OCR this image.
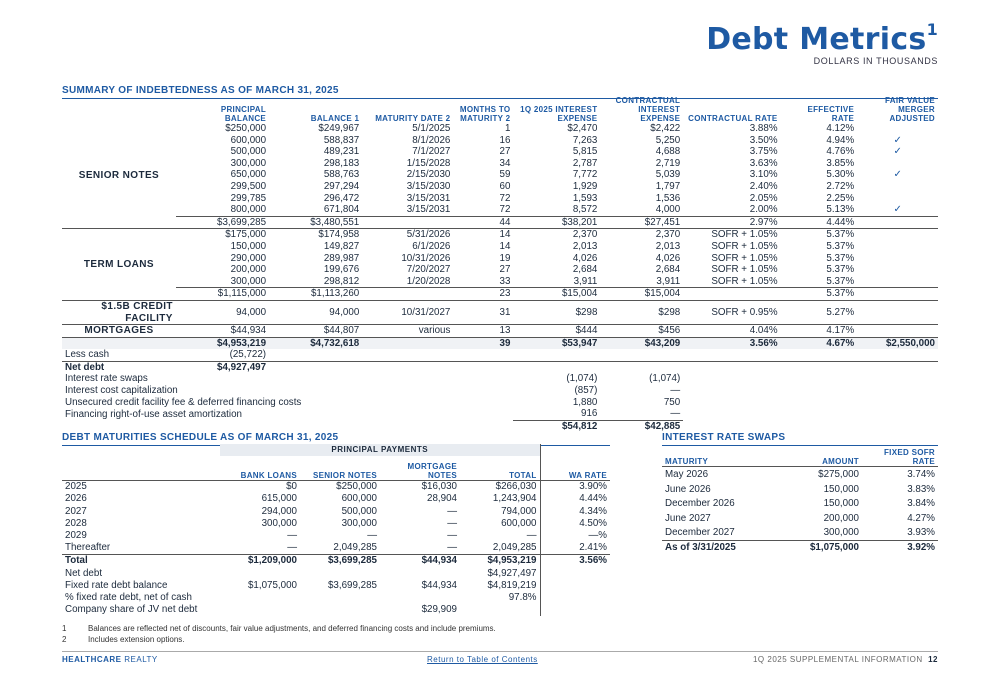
Debt Metrics$^1$
DOLLARS IN THOUSANDS
SUMMARY OF INDEBTEDNESS AS OF MARCH 31, 2025
	PRINCIPAL BALANCE	BALANCE 1	MATURITY DATE 2	MONTHS TO MATURITY 2	1Q 2025 INTEREST EXPENSE	CONTRACTUAL INTEREST EXPENSE	CONTRACTUAL RATE	EFFECTIVE RATE	FAIR VALUE MERGER ADJUSTED
SENIOR NOTES	$250,000	$249,967	5/1/2025	1	$2,470	$2,422	3.88%	4.12%	
	600,000	588,837	8/1/2026	16	7,263	5,250	3.50%	4.94%	✓
	500,000	489,231	7/1/2027	27	5,815	4,688	3.75%	4.76%	✓
	300,000	298,183	1/15/2028	34	2,787	2,719	3.63%	3.85%	
	650,000	588,763	2/15/2030	59	7,772	5,039	3.10%	5.30%	✓
	299,500	297,294	3/15/2030	60	1,929	1,797	2.40%	2.72%	
	299,785	296,472	3/15/2031	72	1,593	1,536	2.05%	2.25%	
	800,000	671,804	3/15/2031	72	8,572	4,000	2.00%	5.13%	✓
	$3,699,285	$3,480,551		44	$38,201	$27,451	2.97%	4.44%	
TERM LOANS	$175,000	$174,958	5/31/2026	14	2,370	2,370	SOFR + 1.05%	5.37%	
	150,000	149,827	6/1/2026	14	2,013	2,013	SOFR + 1.05%	5.37%	
	290,000	289,987	10/31/2026	19	4,026	4,026	SOFR + 1.05%	5.37%	
	200,000	199,676	7/20/2027	27	2,684	2,684	SOFR + 1.05%	5.37%	
	300,000	298,812	1/20/2028	33	3,911	3,911	SOFR + 1.05%	5.37%	
	$1,115,000	$1,113,260		23	$15,004	$15,004		5.37%	
$1.5B CREDIT FACILITY	94,000	94,000	10/31/2027	31	$298	$298	SOFR + 0.95%	5.27%	
MORTGAGES	$44,934	$44,807	various	13	$444	$456	4.04%	4.17%	
	$4,953,219	$4,732,618		39	$53,947	$43,209	3.56%	4.67%	$2,550,000
Less cash	(25,722)								
Net debt	$4,927,497								
Interest rate swaps					(1,074)	(1,074)			
Interest cost capitalization					(857)	—			
Unsecured credit facility fee & deferred financing costs					1,880	750			
Financing right-of-use asset amortization					916	—			
					$54,812	$42,885			
DEBT MATURITIES SCHEDULE AS OF MARCH 31, 2025
	PRINCIPAL PAYMENTS				
	BANK LOANS	SENIOR NOTES	MORTGAGE NOTES	TOTAL	WA RATE
2025	$0	$250,000	$16,030	$266,030	3.90%
2026	615,000	600,000	28,904	1,243,904	4.44%
2027	294,000	500,000	—	794,000	4.34%
2028	300,000	300,000	—	600,000	4.50%
2029	—	—	—	—	—%
Thereafter	—	2,049,285	—	2,049,285	2.41%
Total	$1,209,000	$3,699,285	$44,934	$4,953,219	3.56%
Net debt				$4,927,497	
Fixed rate debt balance	$1,075,000	$3,699,285	$44,934	$4,819,219	
% fixed rate debt, net of cash				97.8%	
Company share of JV net debt			$29,909		
INTEREST RATE SWAPS
MATURITY	AMOUNT	FIXED SOFR RATE
May 2026	$275,000	3.74%
June 2026	150,000	3.83%
December 2026	150,000	3.84%
June 2027	200,000	4.27%
December 2027	300,000	3.93%
As of 3/31/2025	$1,075,000	3.92%
1	Balances are reflected net of discounts, fair value adjustments, and deferred financing costs and include premiums.
2	Includes extension options.
HEALTHCARE REALTY	Return to Table of Contents	1Q 2025 SUPPLEMENTAL INFORMATION 12
